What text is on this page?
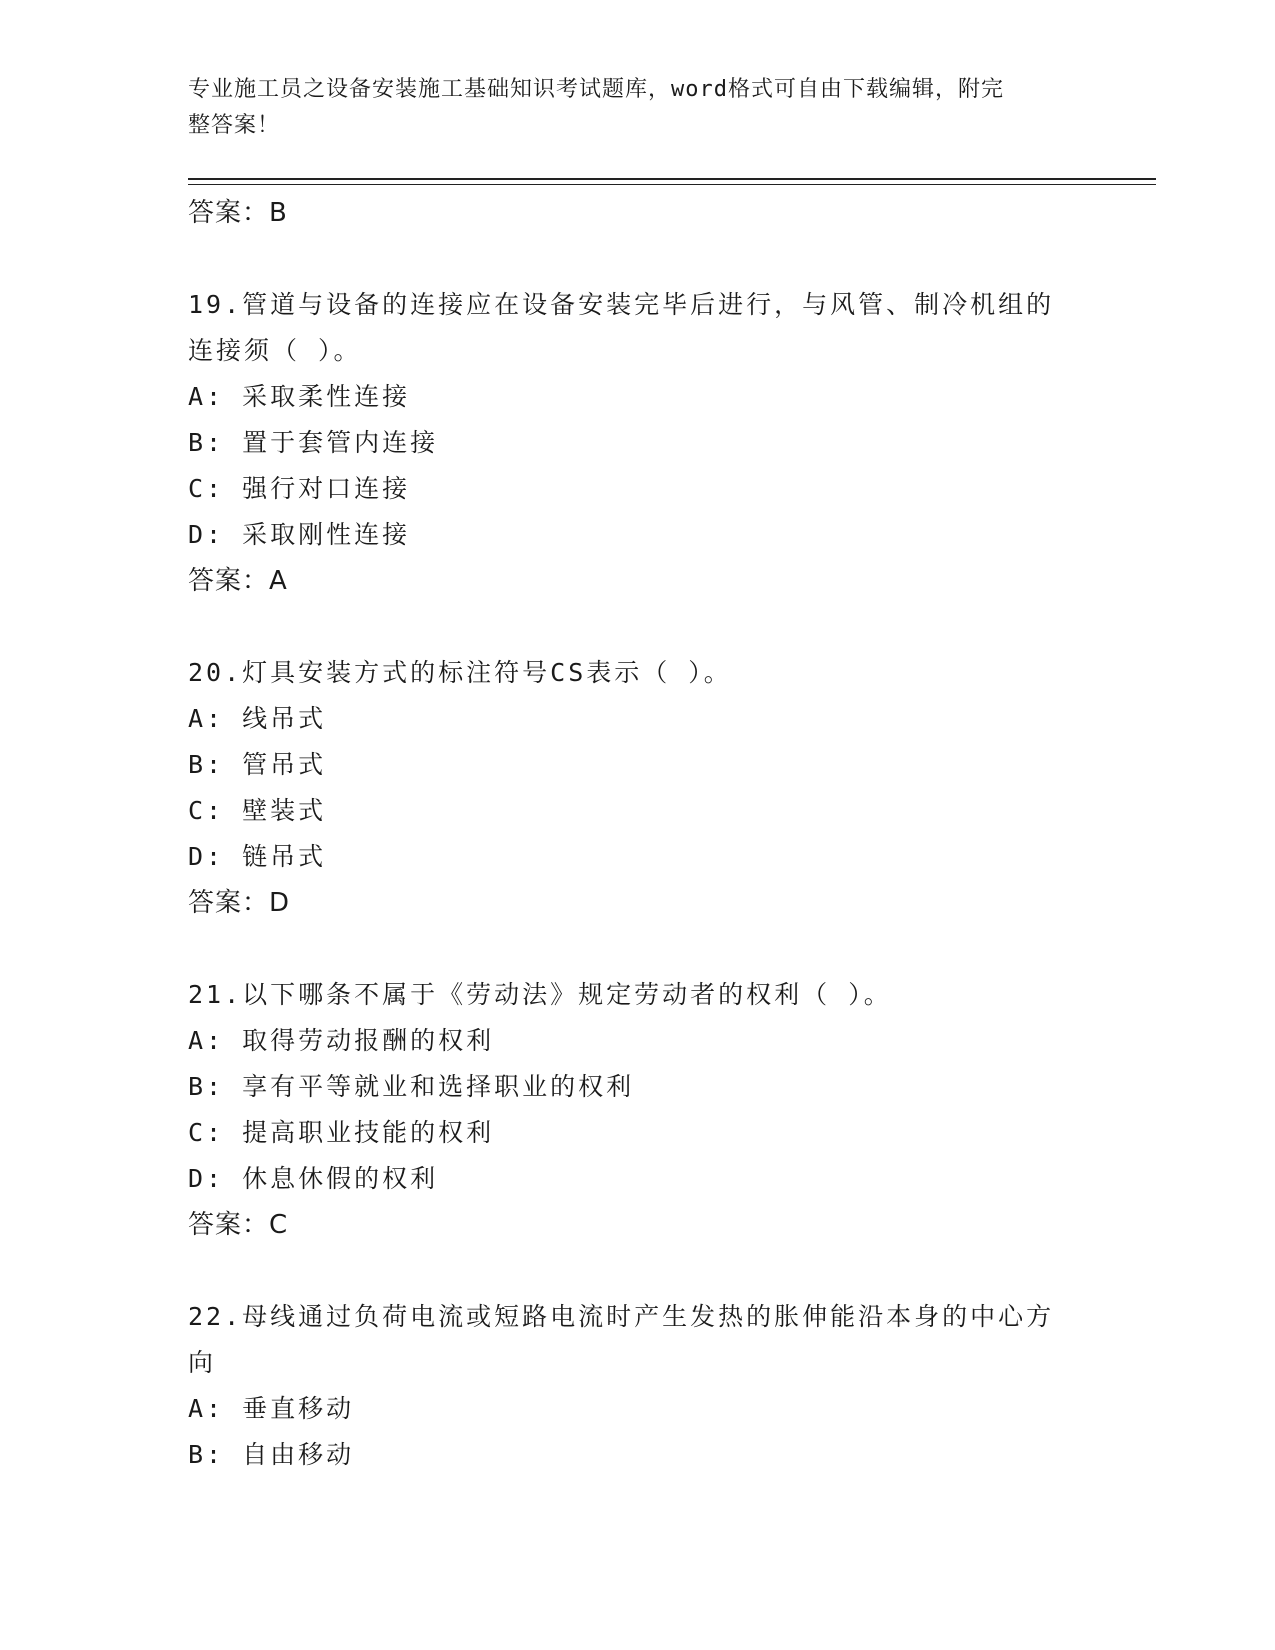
专业施工员之设备安装施工基础知识考试题库，word格式可自由下载编辑，附完
整答案！
答案：B
19.管道与设备的连接应在设备安装完毕后进行，与风管、制冷机组的
连接须（ ）。
A: 采取柔性连接
B: 置于套管内连接
C: 强行对口连接
D: 采取刚性连接
答案：A
20.灯具安装方式的标注符号CS表示（ ）。
A: 线吊式
B: 管吊式
C: 壁装式
D: 链吊式
答案：D
21.以下哪条不属于《劳动法》规定劳动者的权利（ ）。
A: 取得劳动报酬的权利
B: 享有平等就业和选择职业的权利
C: 提高职业技能的权利
D: 休息休假的权利
答案：C
22.母线通过负荷电流或短路电流时产生发热的胀伸能沿本身的中心方
向
A: 垂直移动
B: 自由移动
